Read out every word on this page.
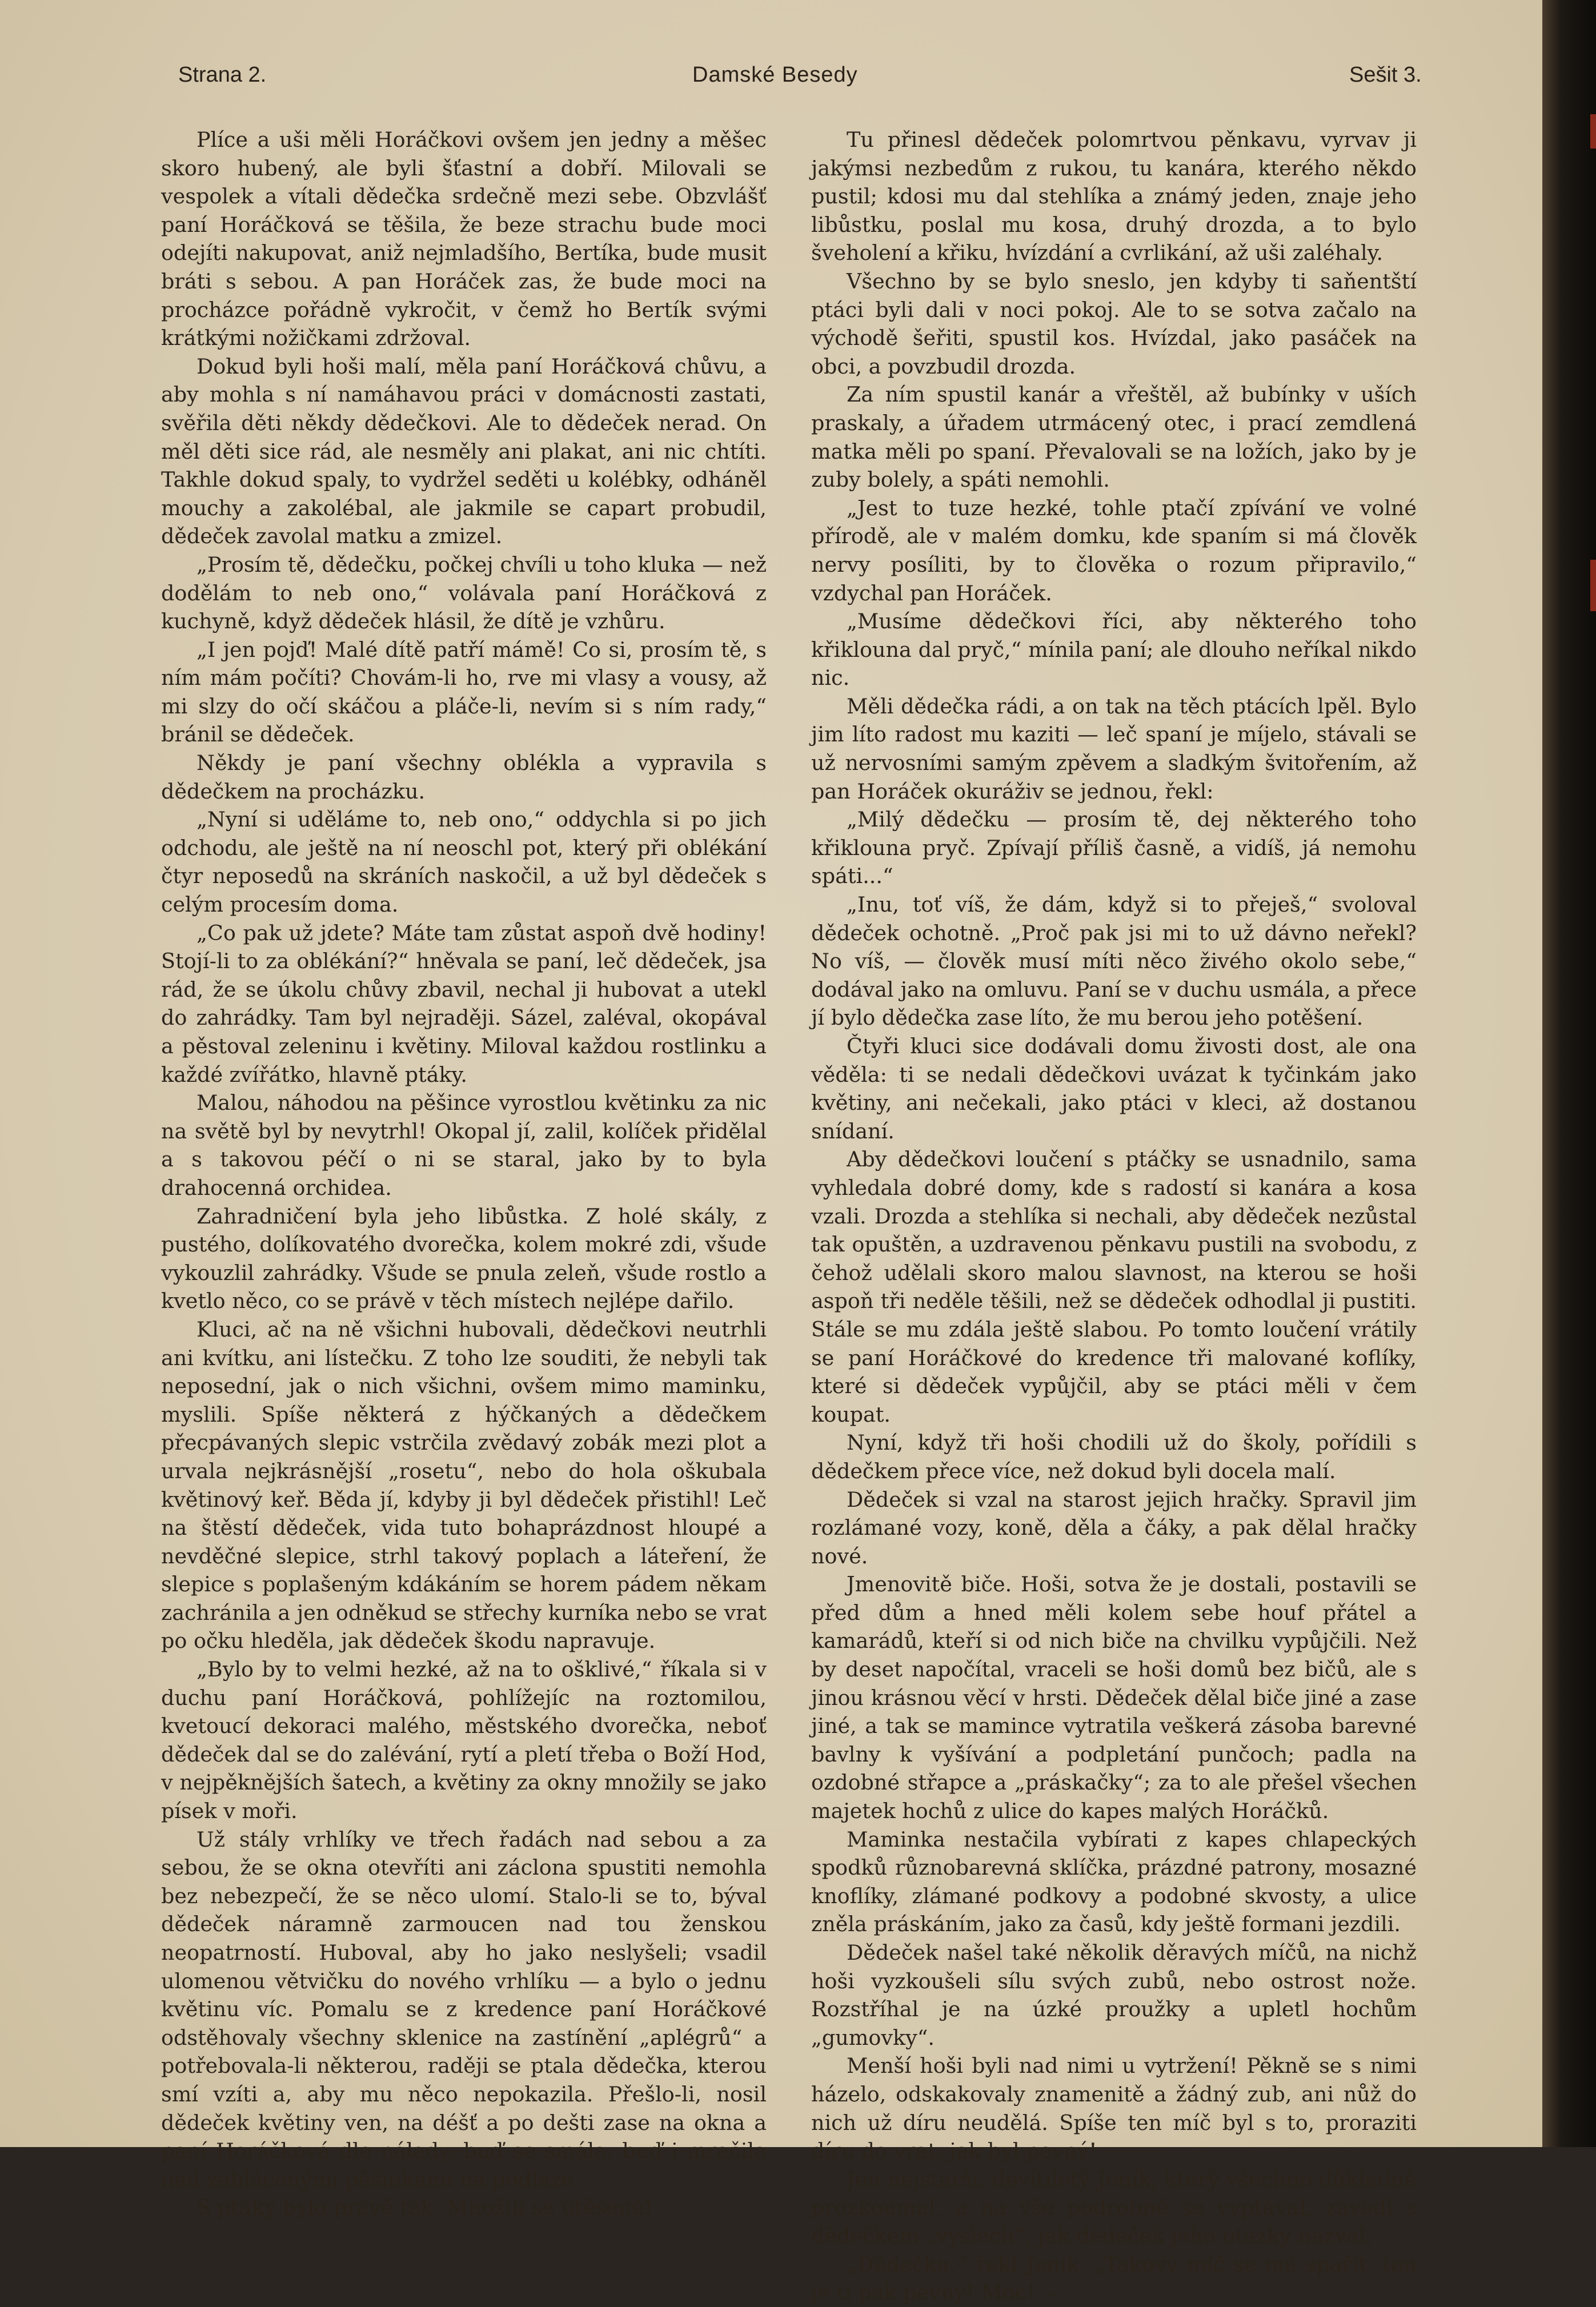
Strana 2.	Damské Besedy	Sešit 3.

Plíce a uši měli Horáčkovi ovšem jen jedny a měšec skoro hubený, ale byli šťastní a dobří. Milovali se vespolek a vítali dědečka srdečně mezi sebe. Obzvlášť paní Horáčková se těšila, že beze strachu bude moci odejíti nakupovat, aniž nejmladšího, Bertíka, bude musit bráti s sebou. A pan Horáček zas, že bude moci na procházce pořádně vykročit, v čemž ho Bertík svými krátkými nožičkami zdržoval.

Dokud byli hoši malí, měla paní Horáčková chůvu, a aby mohla s ní namáhavou práci v domácnosti zastati, svěřila děti někdy dědečkovi. Ale to dědeček nerad. On měl děti sice rád, ale nesměly ani plakat, ani nic chtíti. Takhle dokud spaly, to vydržel seděti u kolébky, odháněl mouchy a zakolébal, ale jakmile se capart probudil, dědeček zavolal matku a zmizel.

„Prosím tě, dědečku, počkej chvíli u toho kluka — než dodělám to neb ono,“ volávala paní Horáčková z kuchyně, když dědeček hlásil, že dítě je vzhůru.

„I jen pojď! Malé dítě patří mámě! Co si, prosím tě, s ním mám počíti? Chovám-li ho, rve mi vlasy a vousy, až mi slzy do očí skáčou a pláče-li, nevím si s ním rady,“ bránil se dědeček.

Někdy je paní všechny oblékla a vypravila s dědečkem na procházku.

„Nyní si uděláme to, neb ono,“ oddychla si po jich odchodu, ale ještě na ní neoschl pot, který při oblékání čtyr neposedů na skráních naskočil, a už byl dědeček s celým procesím doma.

„Co pak už jdete? Máte tam zůstat aspoň dvě hodiny! Stojí-li to za oblékání?“ hněvala se paní, leč dědeček, jsa rád, že se úkolu chůvy zbavil, nechal ji hubovat a utekl do zahrádky. Tam byl nejraději. Sázel, zaléval, okopával a pěstoval zeleninu i květiny. Miloval každou rostlinku a každé zvířátko, hlavně ptáky.

Malou, náhodou na pěšince vyrostlou květinku za nic na světě byl by nevytrhl! Okopal jí, zalil, kolíček přidělal a s takovou péčí o ni se staral, jako by to byla drahocenná orchidea.

Zahradničení byla jeho libůstka. Z holé skály, z pustého, dolíkovatého dvorečka, kolem mokré zdi, všude vykouzlil zahrádky. Všude se pnula zeleň, všude rostlo a kvetlo něco, co se právě v těch místech nejlépe dařilo.

Kluci, ač na ně všichni hubovali, dědečkovi neutrhli ani kvítku, ani lístečku. Z toho lze souditi, že nebyli tak neposední, jak o nich všichni, ovšem mimo maminku, myslili. Spíše některá z hýčkaných a dědečkem přecpávaných slepic vstrčila zvědavý zobák mezi plot a urvala nejkrásnější „rosetu“, nebo do hola oškubala květinový keř. Běda jí, kdyby ji byl dědeček přistihl! Leč na štěstí dědeček, vida tuto bohaprázdnost hloupé a nevděčné slepice, strhl takový poplach a láteření, že slepice s poplašeným kdákáním se horem pádem někam zachránila a jen odněkud se střechy kurníka nebo se vrat po očku hleděla, jak dědeček škodu napravuje.

„Bylo by to velmi hezké, až na to ošklivé,“ říkala si v duchu paní Horáčková, pohlížejíc na roztomilou, kvetoucí dekoraci malého, městského dvorečka, neboť dědeček dal se do zalévání, rytí a pletí třeba o Boží Hod, v nejpěknějších šatech, a květiny za okny množily se jako písek v moři.

Už stály vrhlíky ve třech řadách nad sebou a za sebou, že se okna otevříti ani záclona spustiti nemohla bez nebezpečí, že se něco ulomí. Stalo-li se to, býval dědeček náramně zarmoucen nad tou ženskou neopatrností. Huboval, aby ho jako neslyšeli; vsadil ulomenou větvičku do nového vrhlíku — a bylo o jednu květinu víc. Pomalu se z kredence paní Horáčkové odstěhovaly všechny sklenice na zastínění „aplégrů“ a potřebovala-li některou, raději se ptala dědečka, kterou smí vzíti a, aby mu něco nepokazila. Přešlo-li, nosil dědeček květiny ven, na déšť a po dešti zase na okna a paní Horáčková dle nálady, buď se smála, buď i mračila nad zablácenými pěšinkami na podlaze.

S ptáky bylo právě tak. Množili se utěšeně!

Tu přinesl dědeček polomrtvou pěnkavu, vyrvav ji jakýmsi nezbedům z rukou, tu kanára, kterého někdo pustil; kdosi mu dal stehlíka a známý jeden, znaje jeho libůstku, poslal mu kosa, druhý drozda, a to bylo šveholení a křiku, hvízdání a cvrlikání, až uši zaléhaly.

Všechno by se bylo sneslo, jen kdyby ti saňentští ptáci byli dali v noci pokoj. Ale to se sotva začalo na východě šeřiti, spustil kos. Hvízdal, jako pasáček na obci, a povzbudil drozda.

Za ním spustil kanár a vřeštěl, až bubínky v uších praskaly, a úřadem utrmácený otec, i prací zemdlená matka měli po spaní. Převalovali se na ložích, jako by je zuby bolely, a spáti nemohli.

„Jest to tuze hezké, tohle ptačí zpívání ve volné přírodě, ale v malém domku, kde spaním si má člověk nervy posíliti, by to člověka o rozum připravilo,“ vzdychal pan Horáček.

„Musíme dědečkovi říci, aby některého toho křiklouna dal pryč,“ mínila paní; ale dlouho neříkal nikdo nic.

Měli dědečka rádi, a on tak na těch ptácích lpěl. Bylo jim líto radost mu kaziti — leč spaní je míjelo, stávali se už nervosními samým zpěvem a sladkým švitořením, až pan Horáček okuráživ se jednou, řekl:

„Milý dědečku — prosím tě, dej některého toho křiklouna pryč. Zpívají příliš časně, a vidíš, já nemohu spáti...“

„Inu, toť víš, že dám, když si to přeješ,“ svoloval dědeček ochotně. „Proč pak jsi mi to už dávno neřekl? No víš, — člověk musí míti něco živého okolo sebe,“ dodával jako na omluvu. Paní se v duchu usmála, a přece jí bylo dědečka zase líto, že mu berou jeho potěšení.

Čtyři kluci sice dodávali domu živosti dost, ale ona věděla: ti se nedali dědečkovi uvázat k tyčinkám jako květiny, ani nečekali, jako ptáci v kleci, až dostanou snídaní.

Aby dědečkovi loučení s ptáčky se usnadnilo, sama vyhledala dobré domy, kde s radostí si kanára a kosa vzali. Drozda a stehlíka si nechali, aby dědeček nezůstal tak opuštěn, a uzdravenou pěnkavu pustili na svobodu, z čehož udělali skoro malou slavnost, na kterou se hoši aspoň tři neděle těšili, než se dědeček odhodlal ji pustiti. Stále se mu zdála ještě slabou. Po tomto loučení vrátily se paní Horáčkové do kredence tři malované koflíky, které si dědeček vypůjčil, aby se ptáci měli v čem koupat.

Nyní, když tři hoši chodili už do školy, pořídili s dědečkem přece více, než dokud byli docela malí.

Dědeček si vzal na starost jejich hračky. Spravil jim rozlámané vozy, koně, děla a čáky, a pak dělal hračky nové.

Jmenovitě biče. Hoši, sotva že je dostali, postavili se před dům a hned měli kolem sebe houf přátel a kamarádů, kteří si od nich biče na chvilku vypůjčili. Než by deset napočítal, vraceli se hoši domů bez bičů, ale s jinou krásnou věcí v hrsti. Dědeček dělal biče jiné a zase jiné, a tak se mamince vytratila veškerá zásoba barevné bavlny k vyšívání a podpletání punčoch; padla na ozdobné střapce a „práskačky“; za to ale přešel všechen majetek hochů z ulice do kapes malých Horáčků.

Maminka nestačila vybírati z kapes chlapeckých spodků různobarevná sklíčka, prázdné patrony, mosazné knoflíky, zlámané podkovy a podobné skvosty, a ulice zněla práskáním, jako za časů, kdy ještě formani jezdili.

Dědeček našel také několik děravých míčů, na nichž hoši vyzkoušeli sílu svých zubů, nebo ostrost nože. Rozstříhal je na úzké proužky a upletl hochům „gumovky“.

Menší hoši byli nad nimi u vytržení! Pěkně se s nimi házelo, odskakovaly znamenitě a žádný zub, ani nůž do nich už díru neudělá. Spíše ten míč byl s to, proraziti díru do vrat, jak byl pevný!

Jen nejstarší, devítiletý Jeník, který všechno důkladně prozkoumal, a na vše podrobně se vyptával, zavedl s dědečkem „výslech“, jak dědeček jeho otázky nazval.

„Dědečku,“ řekl Jeník. „Takový míč se má spařit, ten je ti pak pevný! Moc! —
